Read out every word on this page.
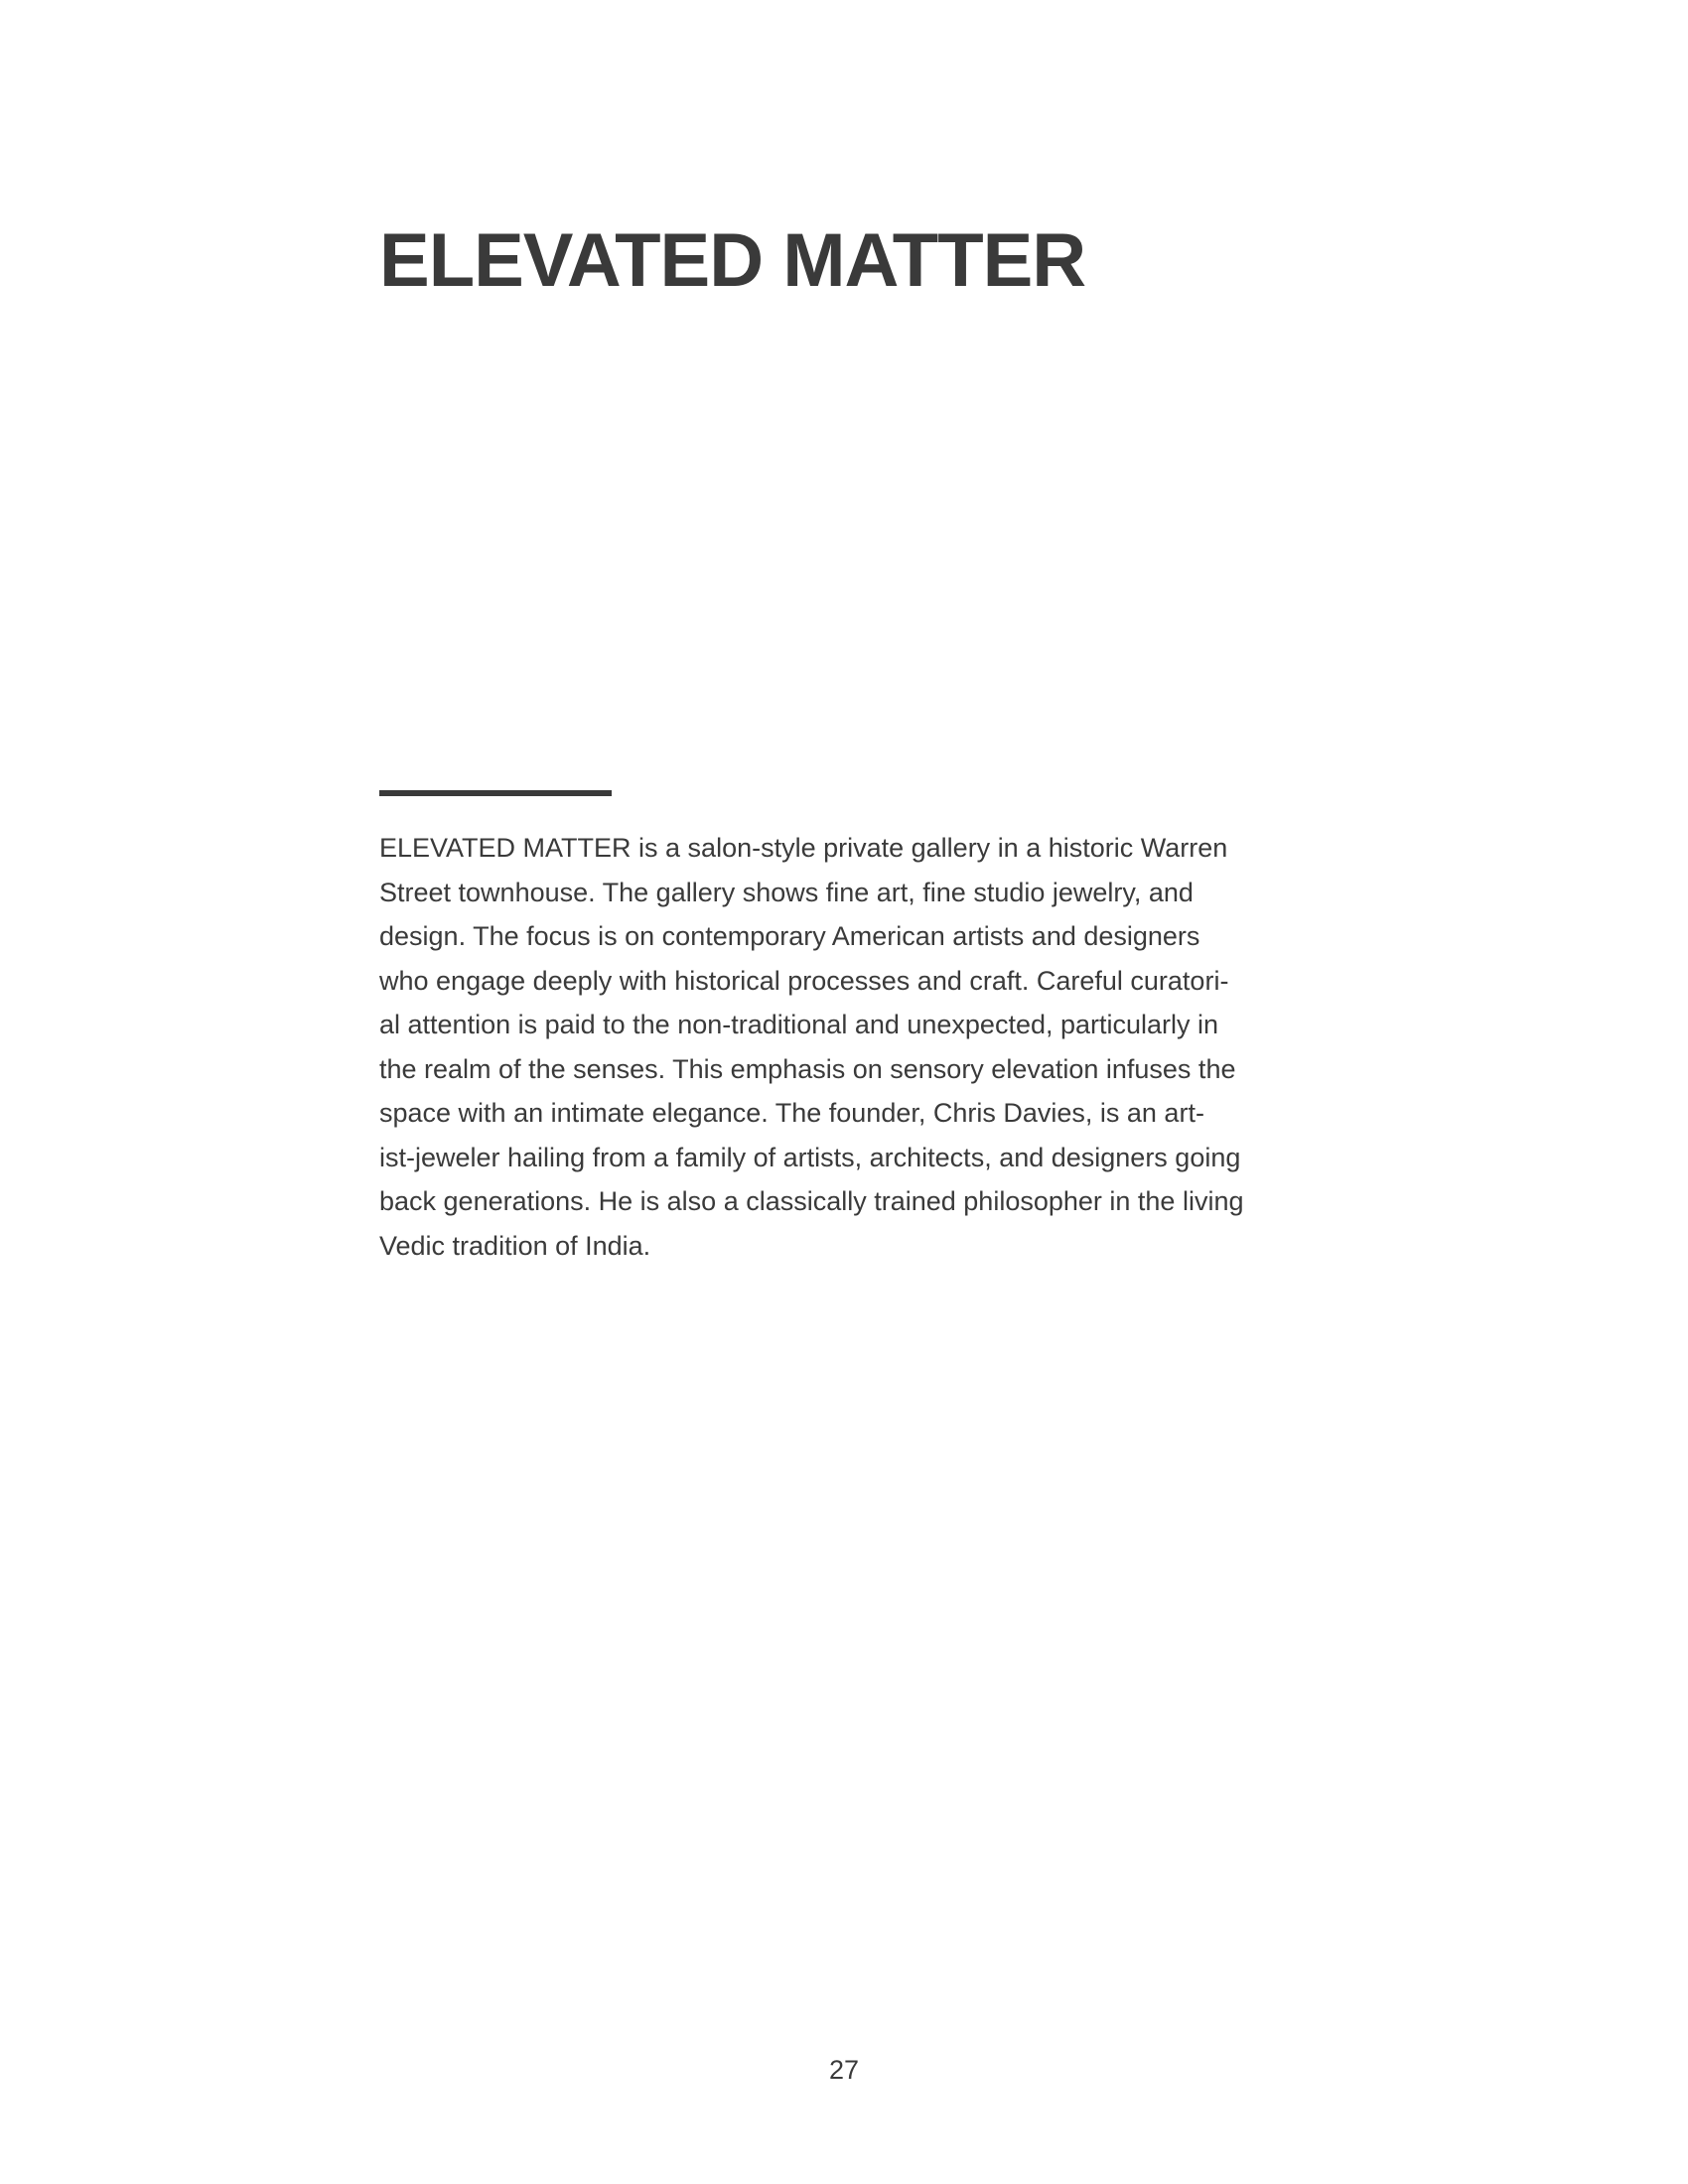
ELEVATED MATTER

ELEVATED MATTER is a salon-style private gallery in a historic Warren
Street townhouse. The gallery shows fine art, fine studio jewelry, and
design. The focus is on contemporary American artists and designers
who engage deeply with historical processes and craft. Careful curatori-
al attention is paid to the non-traditional and unexpected, particularly in
the realm of the senses. This emphasis on sensory elevation infuses the
space with an intimate elegance. The founder, Chris Davies, is an art-
ist-jeweler hailing from a family of artists, architects, and designers going
back generations. He is also a classically trained philosopher in the living
Vedic tradition of India.

27
